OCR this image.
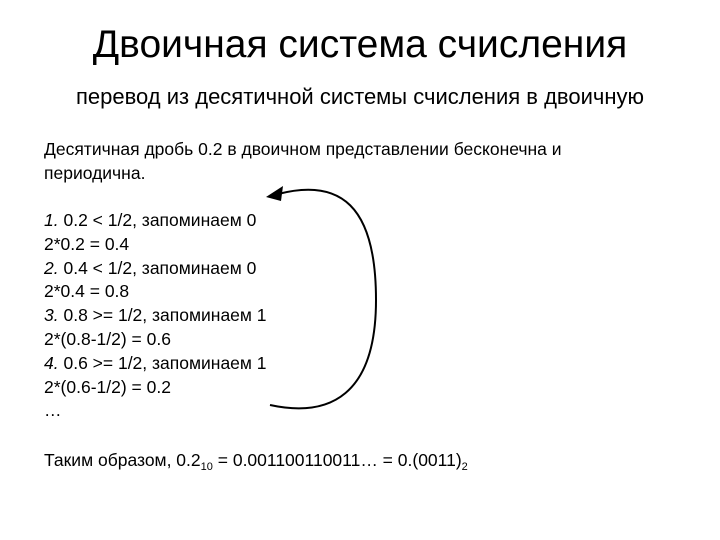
Двоичная система счисления
перевод из десятичной системы счисления в двоичную
Десятичная дробь 0.2 в двоичном представлении бесконечна и
периодична.
1. 0.2 < 1/2, запоминаем 0
2*0.2 = 0.4
2. 0.4 < 1/2, запоминаем 0
2*0.4 = 0.8
3. 0.8 >= 1/2, запоминаем 1
2*(0.8-1/2) = 0.6
4. 0.6 >= 1/2, запоминаем 1
2*(0.6-1/2) = 0.2
…
Таким образом, $0.2_{10}$ = 0.001100110011… = $0.(0011)_2$
